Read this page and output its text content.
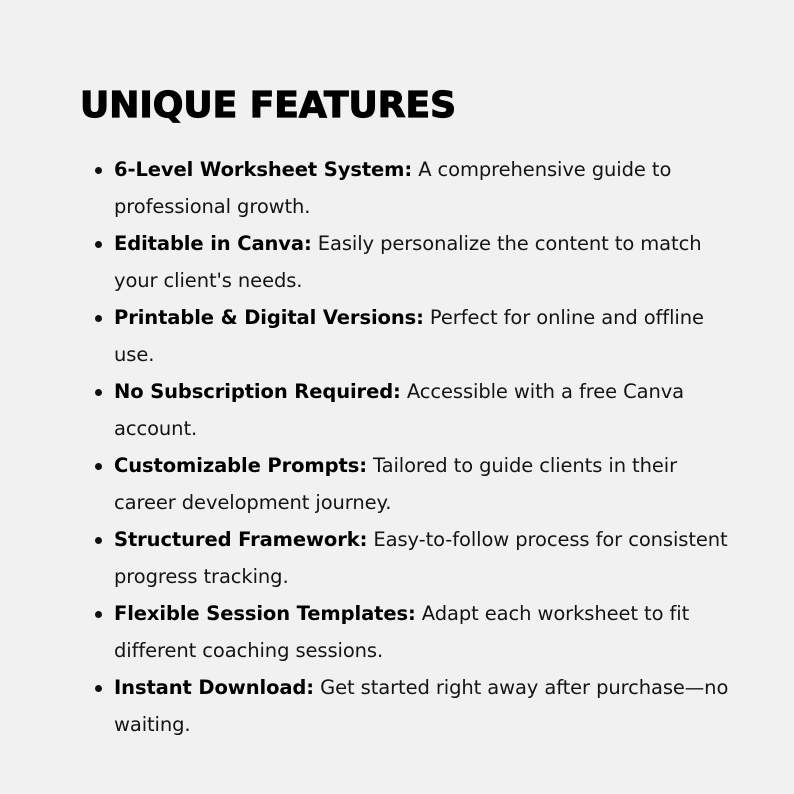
UNIQUE FEATURES
6-Level Worksheet System: A comprehensive guide to professional growth.
Editable in Canva: Easily personalize the content to match your client's needs.
Printable & Digital Versions: Perfect for online and offline use.
No Subscription Required: Accessible with a free Canva account.
Customizable Prompts: Tailored to guide clients in their career development journey.
Structured Framework: Easy-to-follow process for consistent progress tracking.
Flexible Session Templates: Adapt each worksheet to fit different coaching sessions.
Instant Download: Get started right away after purchase—no waiting.
